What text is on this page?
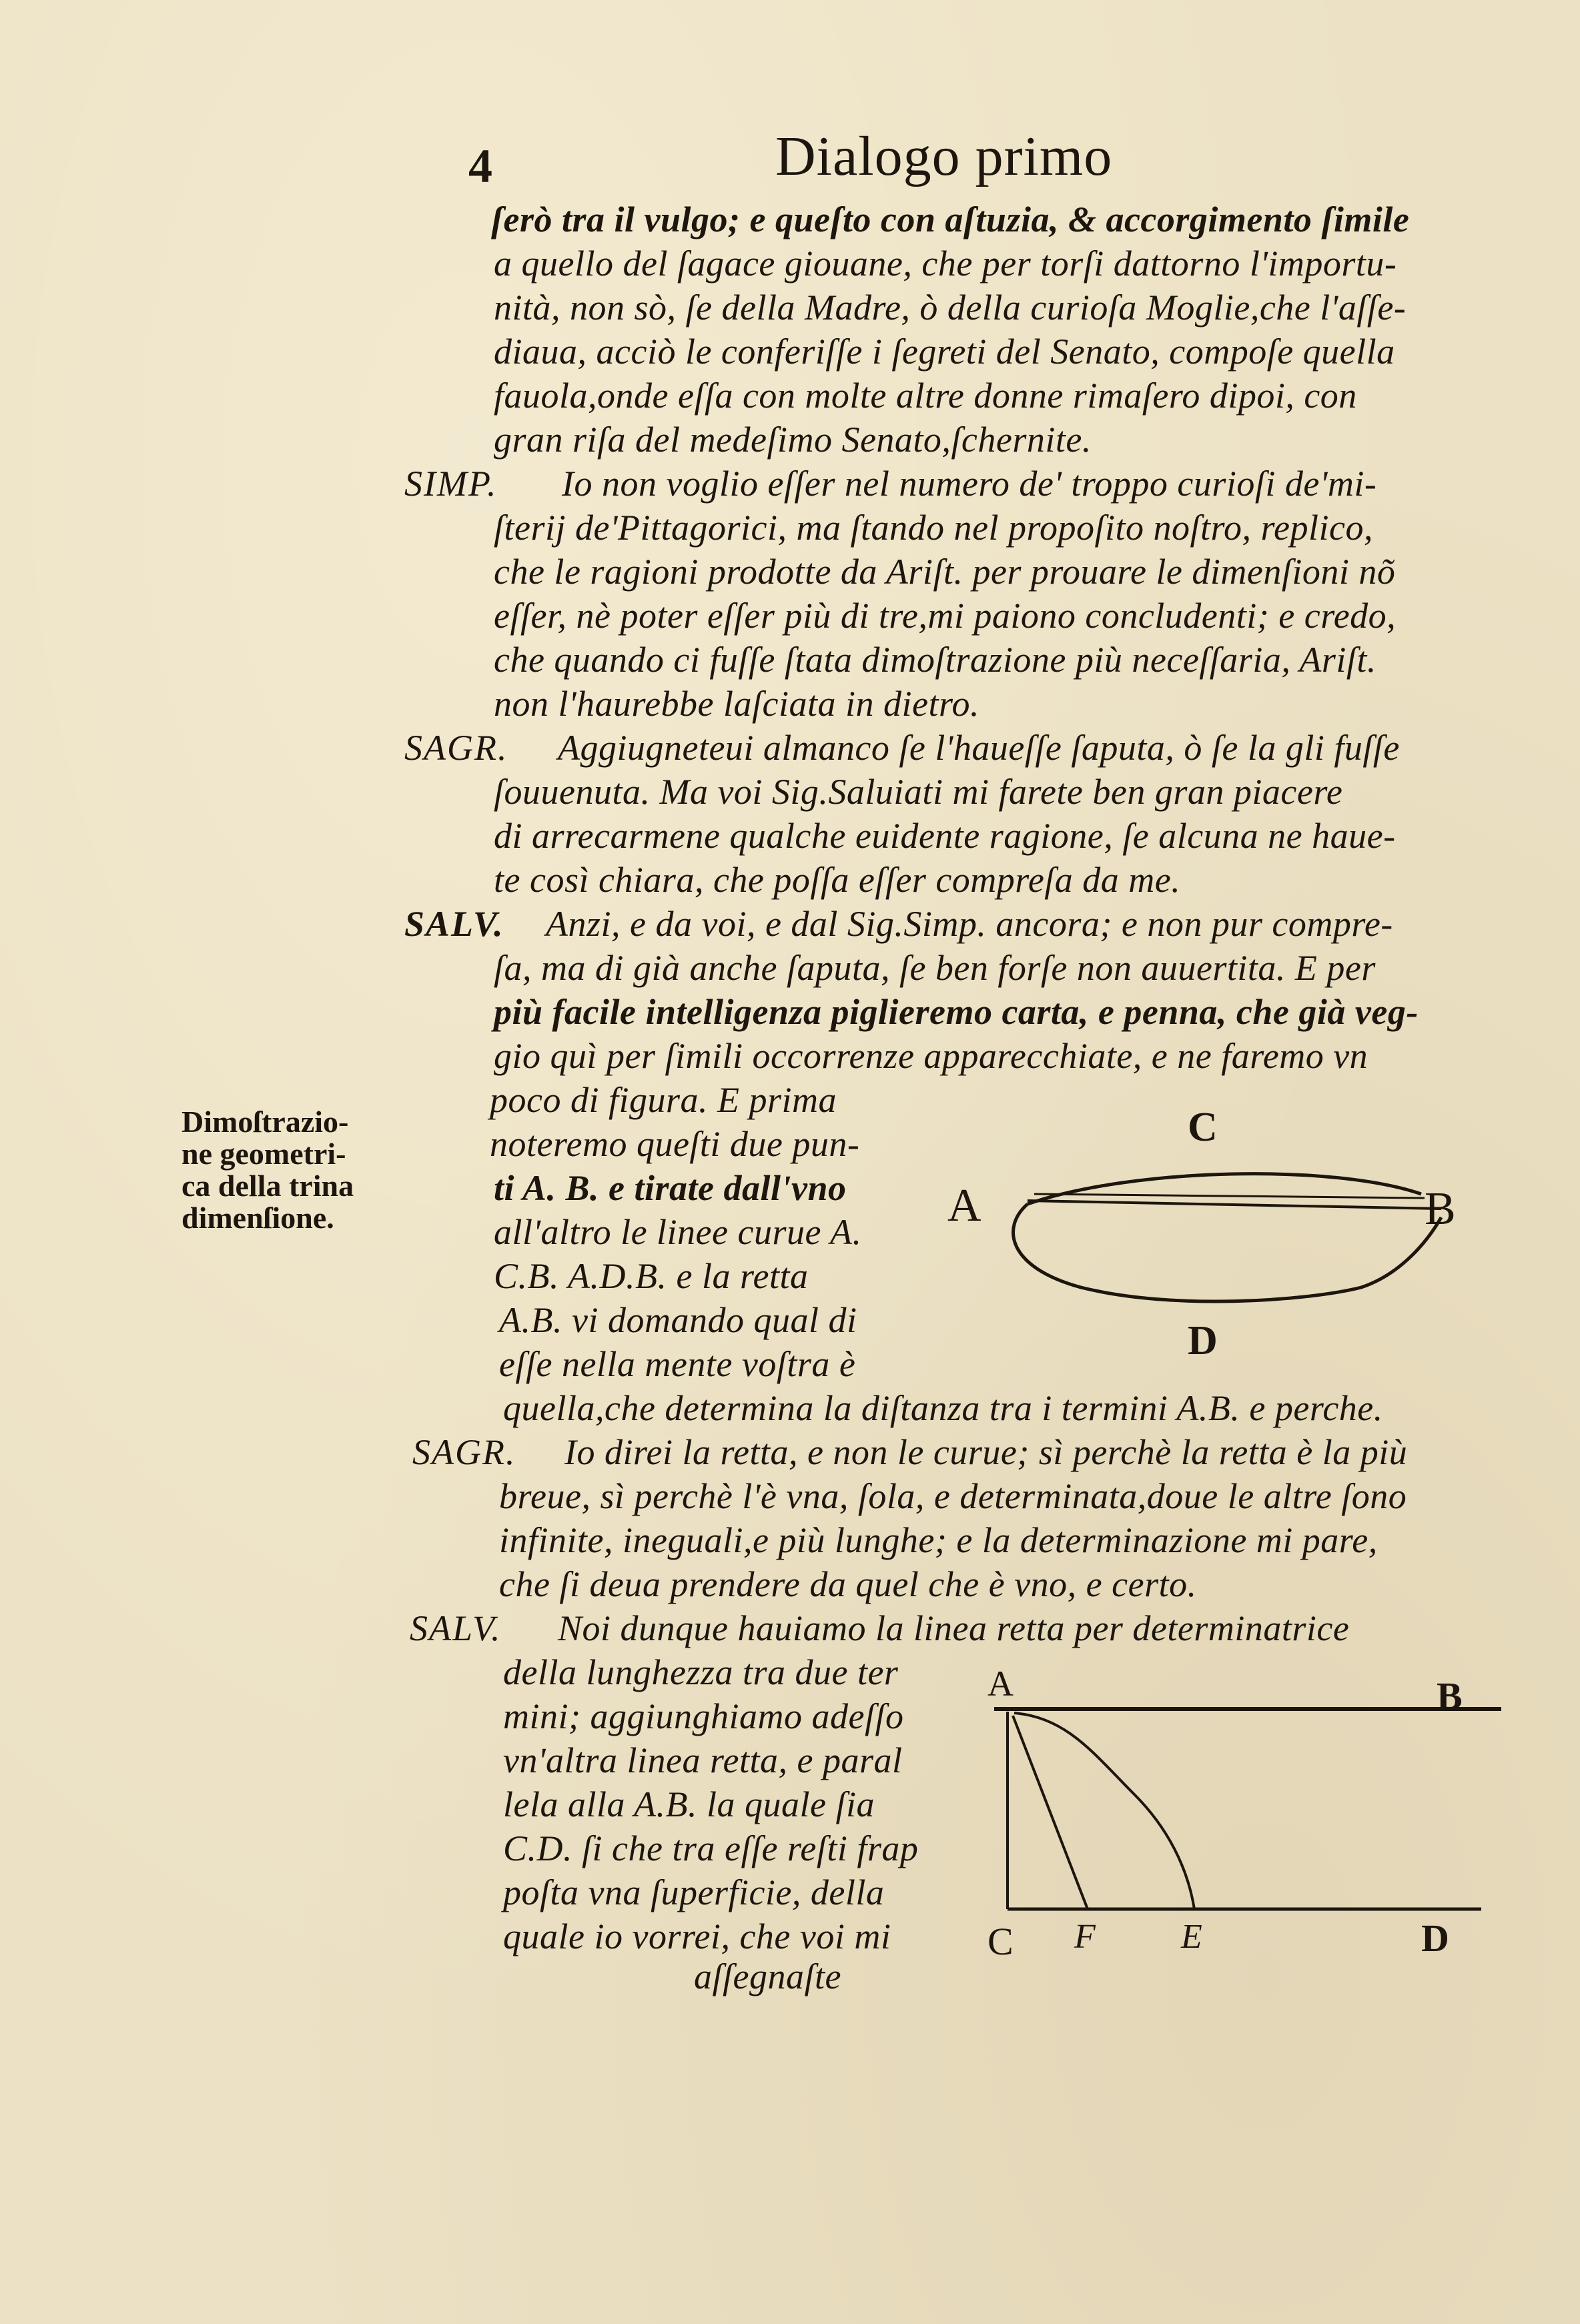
4	Dialogo primo
ſerò tra il vulgo; e queſto con aſtuzia, & accorgimento ſimile
a quello del ſagace giouane, che per torſi dattorno l'importu-
nità, non sò, ſe della Madre, ò della curioſa Moglie,che l'aſſe-
diaua, acciò le conferiſſe i ſegreti del Senato, compoſe quella
fauola,onde eſſa con molte altre donne rimaſero dipoi, con
gran riſa del medeſimo Senato,ſchernite.
SIMP. Io non voglio eſſer nel numero de' troppo curioſi de'mi-
ſterij de'Pittagorici, ma ſtando nel propoſito noſtro, replico,
che le ragioni prodotte da Ariſt. per prouare le dimenſioni nõ
eſſer, nè poter eſſer più di tre,mi paiono concludenti; e credo,
che quando ci fuſſe ſtata dimoſtrazione più neceſſaria, Ariſt.
non l'haurebbe laſciata in dietro.
SAGR. Aggiugneteui almanco ſe l'haueſſe ſaputa, ò ſe la gli fuſſe
ſouuenuta. Ma voi Sig.Saluiati mi farete ben gran piacere
di arrecarmene qualche euidente ragione, ſe alcuna ne haue-
te così chiara, che poſſa eſſer compreſa da me.
SALV. Anzi, e da voi, e dal Sig.Simp. ancora; e non pur compre-
ſa, ma di già anche ſaputa, ſe ben forſe non auuertita. E per
più facile intelligenza piglieremo carta, e penna, che già veg-
gio quì per ſimili occorrenze apparecchiate, e ne faremo vn
poco di figura. E prima
noteremo queſti due pun-
ti A. B. e tirate dall'vno
all'altro le linee curue A.
C.B. A.D.B. e la retta
A.B. vi domando qual di
eſſe nella mente voſtra è
quella,che determina la diſtanza tra i termini A.B. e perche.
SAGR. Io direi la retta, e non le curue; sì perchè la retta è la più
breue, sì perchè l'è vna, ſola, e determinata,doue le altre ſono
infinite, ineguali,e più lunghe; e la determinazione mi pare,
che ſi deua prendere da quel che è vno, e certo.
SALV. Noi dunque hauiamo la linea retta per determinatrice
della lunghezza tra due ter
mini; aggiunghiamo adeſſo
vn'altra linea retta, e paral
lela alla A.B. la quale ſia
C.D. ſi che tra eſſe reſti frap
poſta vna ſuperficie, della
quale io vorrei, che voi mi
aſſegnaſte
Dimoſtrazio-
ne geometri-
ca della trina
dimenſione.
C
A	B
D
A	B
C F E	D
